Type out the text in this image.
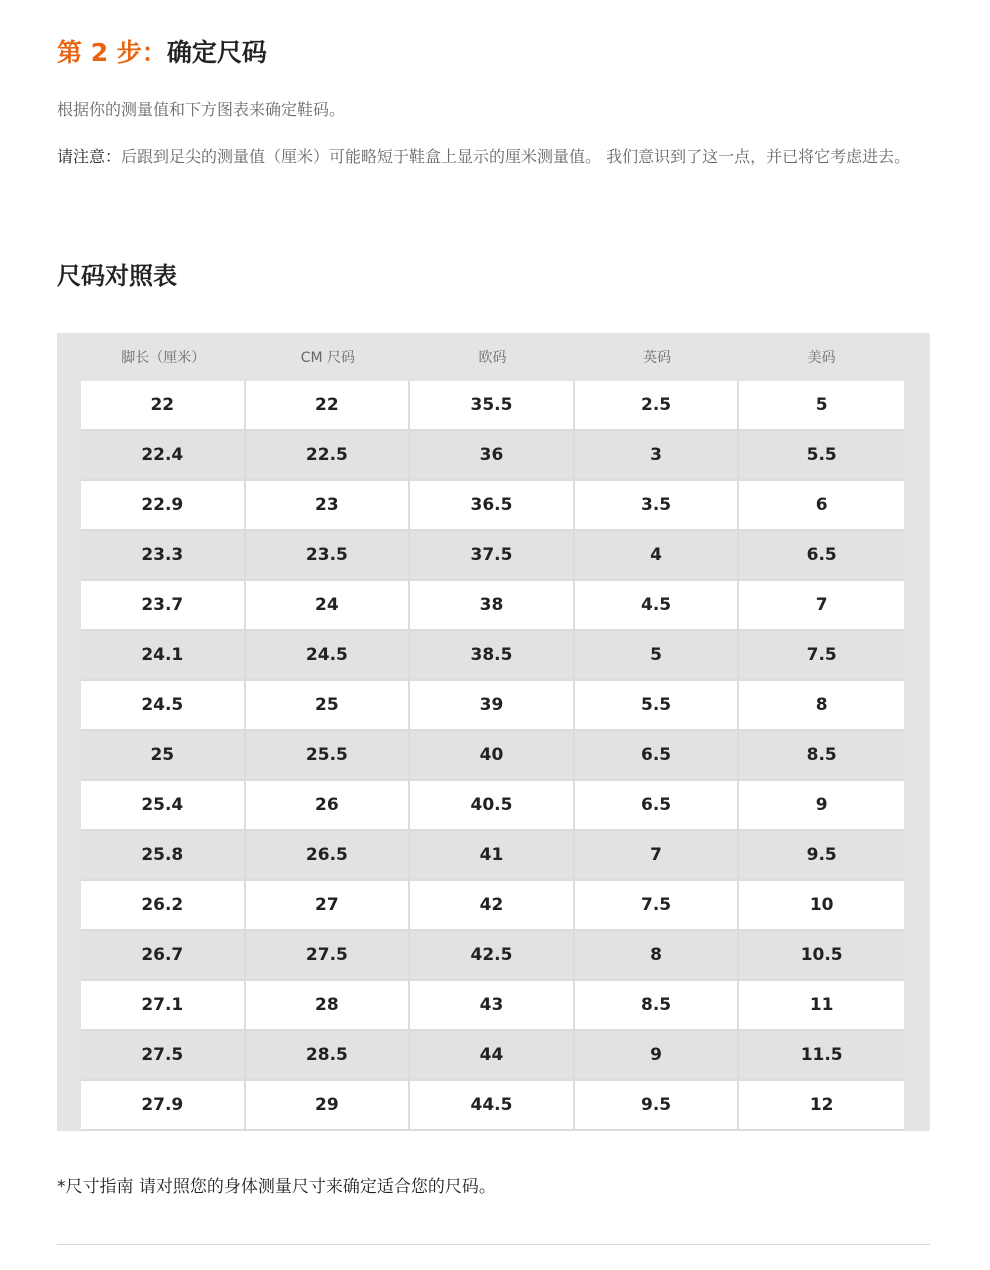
第 2 步：确定尺码

根据你的测量值和下方图表来确定鞋码。

请注意：后跟到足尖的测量值（厘米）可能略短于鞋盒上显示的厘米测量值。 我们意识到了这一点，并已将它考虑进去。

尺码对照表
脚长（厘米）	CM 尺码	欧码	英码	美码
22	22	35.5	2.5	5
22.4	22.5	36	3	5.5
22.9	23	36.5	3.5	6
23.3	23.5	37.5	4	6.5
23.7	24	38	4.5	7
24.1	24.5	38.5	5	7.5
24.5	25	39	5.5	8
25	25.5	40	6.5	8.5
25.4	26	40.5	6.5	9
25.8	26.5	41	7	9.5
26.2	27	42	7.5	10
26.7	27.5	42.5	8	10.5
27.1	28	43	8.5	11
27.5	28.5	44	9	11.5
27.9	29	44.5	9.5	12

*尺寸指南 请对照您的身体测量尺寸来确定适合您的尺码。
